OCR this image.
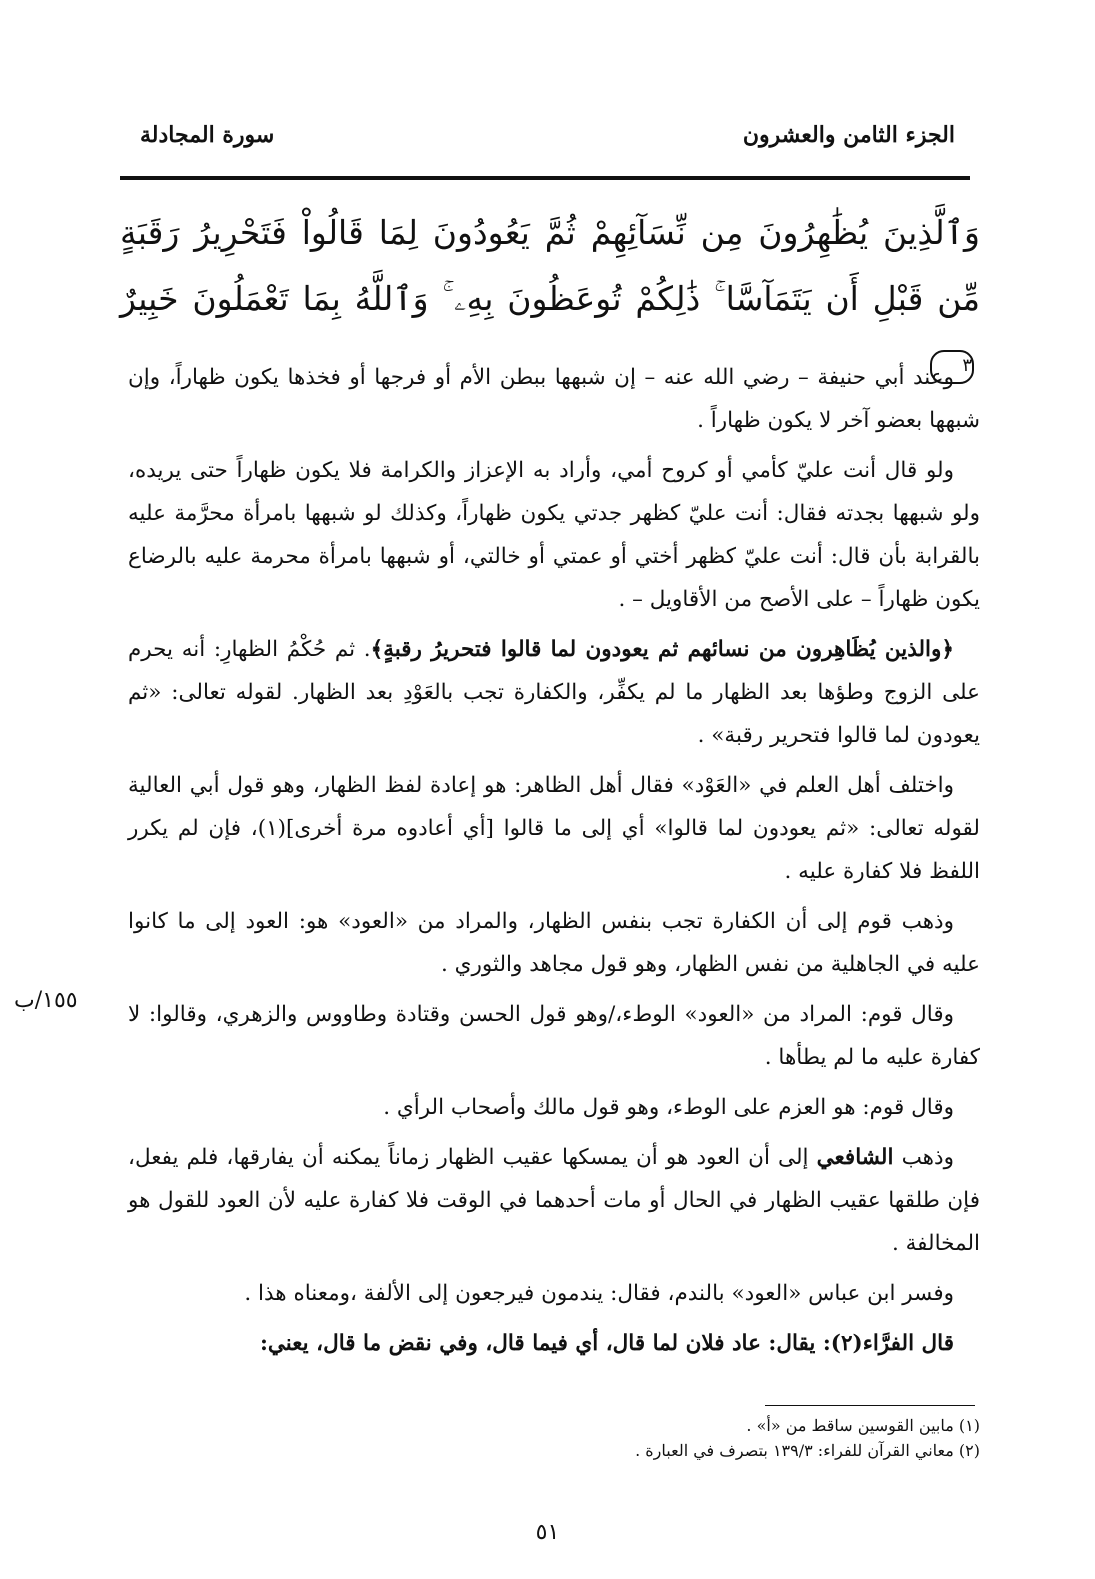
الجزء الثامن والعشرون
سورة المجادلة
وَٱلَّذِينَ يُظَٰهِرُونَ مِن نِّسَآئِهِمْ ثُمَّ يَعُودُونَ لِمَا قَالُواْ فَتَحْرِيرُ رَقَبَةٍ مِّن قَبْلِ أَن يَتَمَآسَّا ۚ ذَٰلِكُمْ تُوعَظُونَ بِهِۦ ۚ وَٱللَّهُ بِمَا تَعْمَلُونَ خَبِيرٌ ٣

وعند أبي حنيفة – رضي الله عنه – إن شبهها ببطن الأم أو فرجها أو فخذها يكون ظهاراً، وإن شبهها بعضو آخر لا يكون ظهاراً .

ولو قال أنت عليّ كأمي أو كروح أمي، وأراد به الإعزاز والكرامة فلا يكون ظهاراً حتى يريده، ولو شبهها بجدته فقال: أنت عليّ كظهر جدتي يكون ظهاراً، وكذلك لو شبهها بامرأة محرَّمة عليه بالقرابة بأن قال: أنت عليّ كظهر أختي أو عمتي أو خالتي، أو شبهها بامرأة محرمة عليه بالرضاع يكون ظهاراً – على الأصح من الأقاويل – .

﴿والذين يُظَاهِرون من نسائهم ثم يعودون لما قالوا فتحريرُ رقبةٍ﴾. ثم حُكْمُ الظهارِ: أنه يحرم على الزوج وطؤها بعد الظهار ما لم يكفِّر، والكفارة تجب بالعَوْدِ بعد الظهار. لقوله تعالى: «ثم يعودون لما قالوا فتحرير رقبة» .

واختلف أهل العلم في «العَوْد» فقال أهل الظاهر: هو إعادة لفظ الظهار، وهو قول أبي العالية لقوله تعالى: «ثم يعودون لما قالوا» أي إلى ما قالوا [أي أعادوه مرة أخرى](١)، فإن لم يكرر اللفظ فلا كفارة عليه .

وذهب قوم إلى أن الكفارة تجب بنفس الظهار، والمراد من «العود» هو: العود إلى ما كانوا عليه في الجاهلية من نفس الظهار، وهو قول مجاهد والثوري .

وقال قوم: المراد من «العود» الوطء،/وهو قول الحسن وقتادة وطاووس والزهري، وقالوا: لا كفارة عليه ما لم يطأها .

وقال قوم: هو العزم على الوطء، وهو قول مالك وأصحاب الرأي .

وذهب الشافعي إلى أن العود هو أن يمسكها عقيب الظهار زماناً يمكنه أن يفارقها، فلم يفعل، فإن طلقها عقيب الظهار في الحال أو مات أحدهما في الوقت فلا كفارة عليه لأن العود للقول هو المخالفة .

وفسر ابن عباس «العود» بالندم، فقال: يندمون فيرجعون إلى الألفة ،ومعناه هذا .

قال الفرَّاء(٢): يقال: عاد فلان لما قال، أي فيما قال، وفي نقض ما قال، يعني:

١٥٥/ب
(١) مابين القوسين ساقط من «أ» .
(٢) معاني القرآن للفراء: ١٣٩/٣ بتصرف في العبارة .
٥١
